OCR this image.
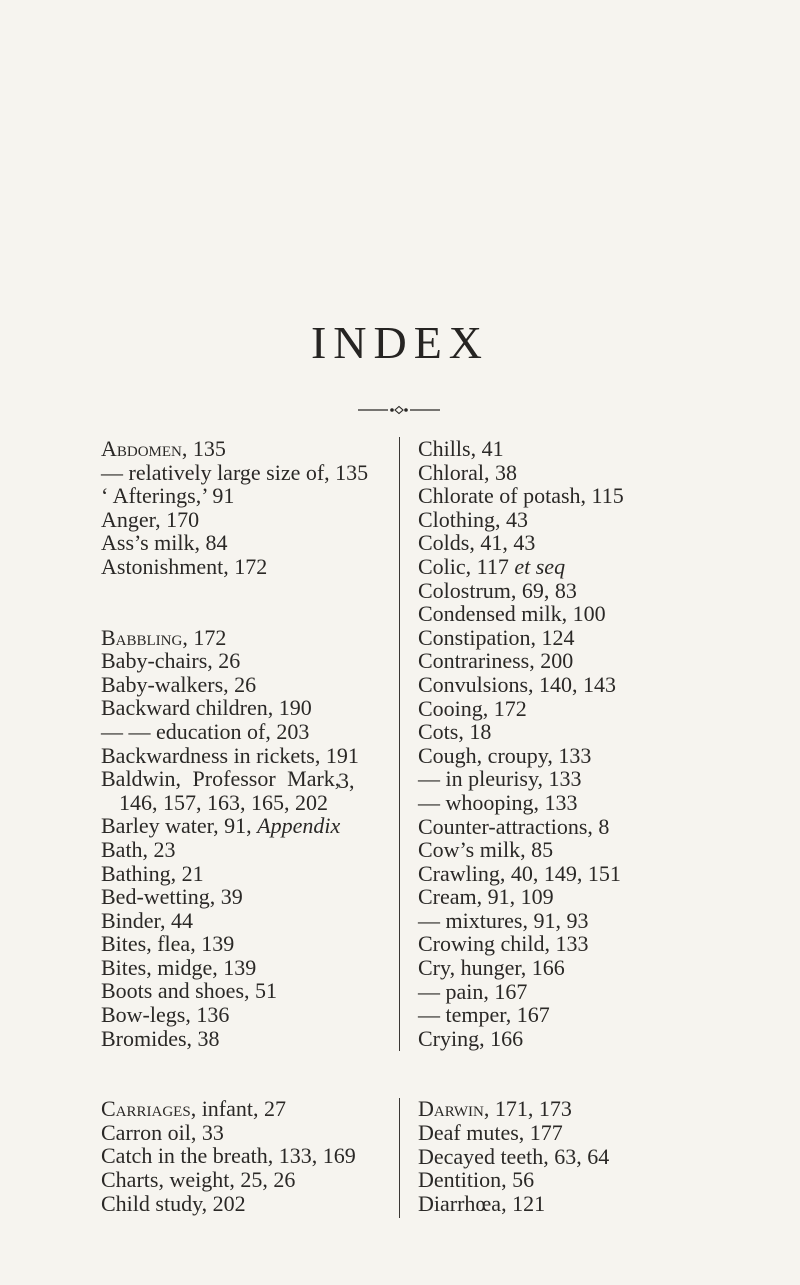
INDEX
Abdomen, 135
— relatively large size of, 135
‘ Afterings,’ 91
Anger, 170
Ass’s milk, 84
Astonishment, 172
Babbling, 172
Baby-chairs, 26
Baby-walkers, 26
Backward children, 190
— — education of, 203
Backwardness in rickets, 191
Baldwin, Professor Mark,
146, 157, 163, 165, 202
Barley water, 91, Appendix
Bath, 23
Bathing, 21
Bed-wetting, 39
Binder, 44
Bites, flea, 139
Bites, midge, 139
Boots and shoes, 51
Bow-legs, 136
Bromides, 38
Carriages, infant, 27
Carron oil, 33
Catch in the breath, 133, 169
Charts, weight, 25, 26
Child study, 202
3,
Chills, 41
Chloral, 38
Chlorate of potash, 115
Clothing, 43
Colds, 41, 43
Colic, 117 et seq
Colostrum, 69, 83
Condensed milk, 100
Constipation, 124
Contrariness, 200
Convulsions, 140, 143
Cooing, 172
Cots, 18
Cough, croupy, 133
— in pleurisy, 133
— whooping, 133
Counter-attractions, 8
Cow’s milk, 85
Crawling, 40, 149, 151
Cream, 91, 109
— mixtures, 91, 93
Crowing child, 133
Cry, hunger, 166
— pain, 167
— temper, 167
Crying, 166
Darwin, 171, 173
Deaf mutes, 177
Decayed teeth, 63, 64
Dentition, 56
Diarrhœa, 121
